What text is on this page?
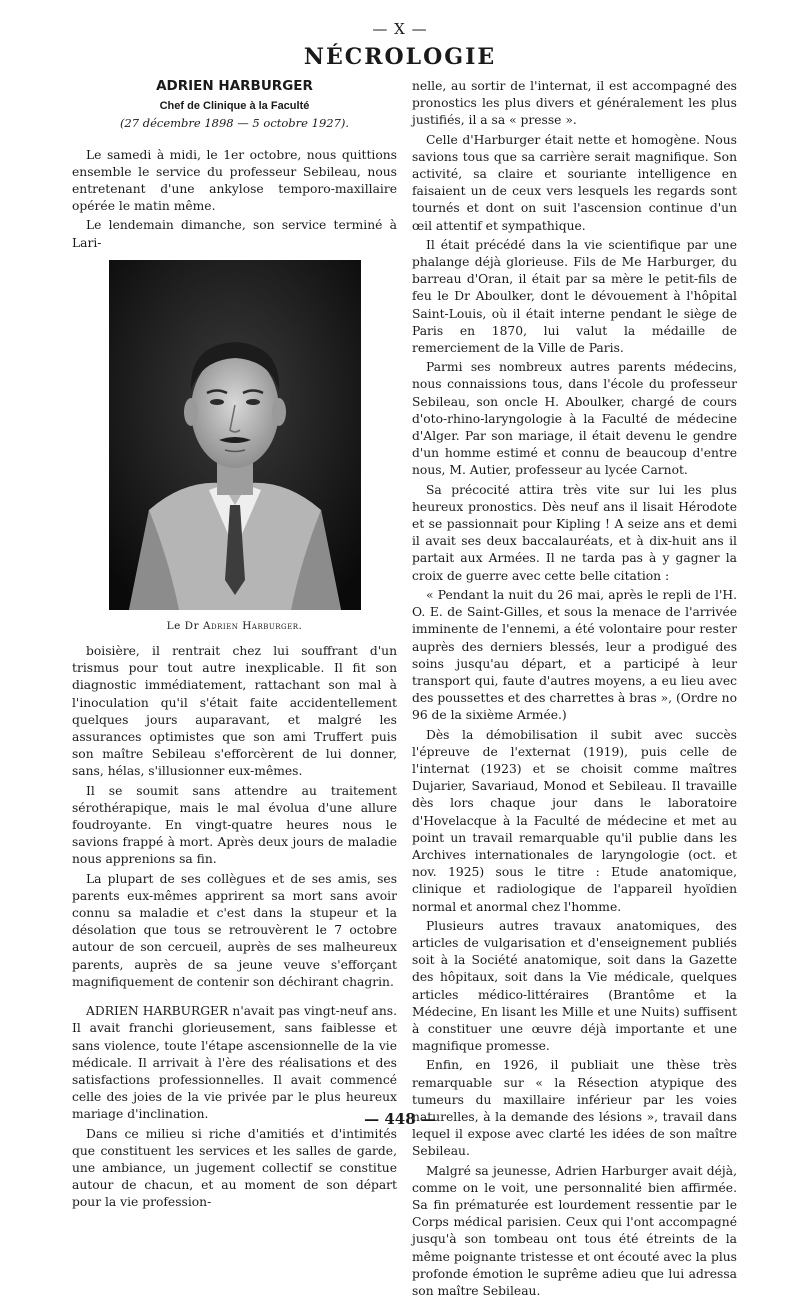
— X —
NÉCROLOGIE
ADRIEN HARBURGER
Chef de Clinique à la Faculté
(27 décembre 1898 — 5 octobre 1927).

Le samedi à midi, le 1er octobre, nous quittions ensemble le service du professeur Sebileau, nous entretenant d'une ankylose temporo-maxillaire opérée le matin même.

Le lendemain dimanche, son service terminé à Lari-

Le Dr Adrien Harburger.

boisière, il rentrait chez lui souffrant d'un trismus pour tout autre inexplicable. Il fit son diagnostic immédiatement, rattachant son mal à l'inoculation qu'il s'était faite accidentellement quelques jours auparavant, et malgré les assurances optimistes que son ami Truffert puis son maître Sebileau s'efforcèrent de lui donner, sans, hélas, s'illusionner eux-mêmes.

Il se soumit sans attendre au traitement sérothérapique, mais le mal évolua d'une allure foudroyante. En vingt-quatre heures nous le savions frappé à mort. Après deux jours de maladie nous apprenions sa fin.

La plupart de ses collègues et de ses amis, ses parents eux-mêmes apprirent sa mort sans avoir connu sa maladie et c'est dans la stupeur et la désolation que tous se retrouvèrent le 7 octobre autour de son cercueil, auprès de ses malheureux parents, auprès de sa jeune veuve s'efforçant magnifiquement de contenir son déchirant chagrin.

ADRIEN HARBURGER n'avait pas vingt-neuf ans. Il avait franchi glorieusement, sans faiblesse et sans violence, toute l'étape ascensionnelle de la vie médicale. Il arrivait à l'ère des réalisations et des satisfactions professionnelles. Il avait commencé celle des joies de la vie privée par le plus heureux mariage d'inclination.

Dans ce milieu si riche d'amitiés et d'intimités que constituent les services et les salles de garde, une ambiance, un jugement collectif se constitue autour de chacun, et au moment de son départ pour la vie profession-

nelle, au sortir de l'internat, il est accompagné des pronostics les plus divers et généralement les plus justifiés, il a sa « presse ».

Celle d'Harburger était nette et homogène. Nous savions tous que sa carrière serait magnifique. Son activité, sa claire et souriante intelligence en faisaient un de ceux vers lesquels les regards sont tournés et dont on suit l'ascension continue d'un œil attentif et sympathique.

Il était précédé dans la vie scientifique par une phalange déjà glorieuse. Fils de Me Harburger, du barreau d'Oran, il était par sa mère le petit-fils de feu le Dr Aboulker, dont le dévouement à l'hôpital Saint-Louis, où il était interne pendant le siège de Paris en 1870, lui valut la médaille de remerciement de la Ville de Paris.

Parmi ses nombreux autres parents médecins, nous connaissions tous, dans l'école du professeur Sebileau, son oncle H. Aboulker, chargé de cours d'oto-rhino-laryngologie à la Faculté de médecine d'Alger. Par son mariage, il était devenu le gendre d'un homme estimé et connu de beaucoup d'entre nous, M. Autier, professeur au lycée Carnot.

Sa précocité attira très vite sur lui les plus heureux pronostics. Dès neuf ans il lisait Hérodote et se passionnait pour Kipling ! A seize ans et demi il avait ses deux baccalauréats, et à dix-huit ans il partait aux Armées. Il ne tarda pas à y gagner la croix de guerre avec cette belle citation :

« Pendant la nuit du 26 mai, après le repli de l'H. O. E. de Saint-Gilles, et sous la menace de l'arrivée imminente de l'ennemi, a été volontaire pour rester auprès des derniers blessés, leur a prodigué des soins jusqu'au départ, et a participé à leur transport qui, faute d'autres moyens, a eu lieu avec des poussettes et des charrettes à bras », (Ordre no 96 de la sixième Armée.)

Dès la démobilisation il subit avec succès l'épreuve de l'externat (1919), puis celle de l'internat (1923) et se choisit comme maîtres Dujarier, Savariaud, Monod et Sebileau. Il travaille dès lors chaque jour dans le laboratoire d'Hovelacque à la Faculté de médecine et met au point un travail remarquable qu'il publie dans les Archives internationales de laryngologie (oct. et nov. 1925) sous le titre : Etude anatomique, clinique et radiologique de l'appareil hyoïdien normal et anormal chez l'homme.

Plusieurs autres travaux anatomiques, des articles de vulgarisation et d'enseignement publiés soit à la Société anatomique, soit dans la Gazette des hôpitaux, soit dans la Vie médicale, quelques articles médico-littéraires (Brantôme et la Médecine, En lisant les Mille et une Nuits) suffisent à constituer une œuvre déjà importante et une magnifique promesse.

Enfin, en 1926, il publiait une thèse très remarquable sur « la Résection atypique des tumeurs du maxillaire inférieur par les voies naturelles, à la demande des lésions », travail dans lequel il expose avec clarté les idées de son maître Sebileau.

Malgré sa jeunesse, Adrien Harburger avait déjà, comme on le voit, une personnalité bien affirmée. Sa fin prématurée est lourdement ressentie par le Corps médical parisien. Ceux qui l'ont accompagné jusqu'à son tombeau ont tous été étreints de la même poignante tristesse et ont écouté avec la plus profonde émotion le suprême adieu que lui adressa son maître Sebileau.

— 448 —
